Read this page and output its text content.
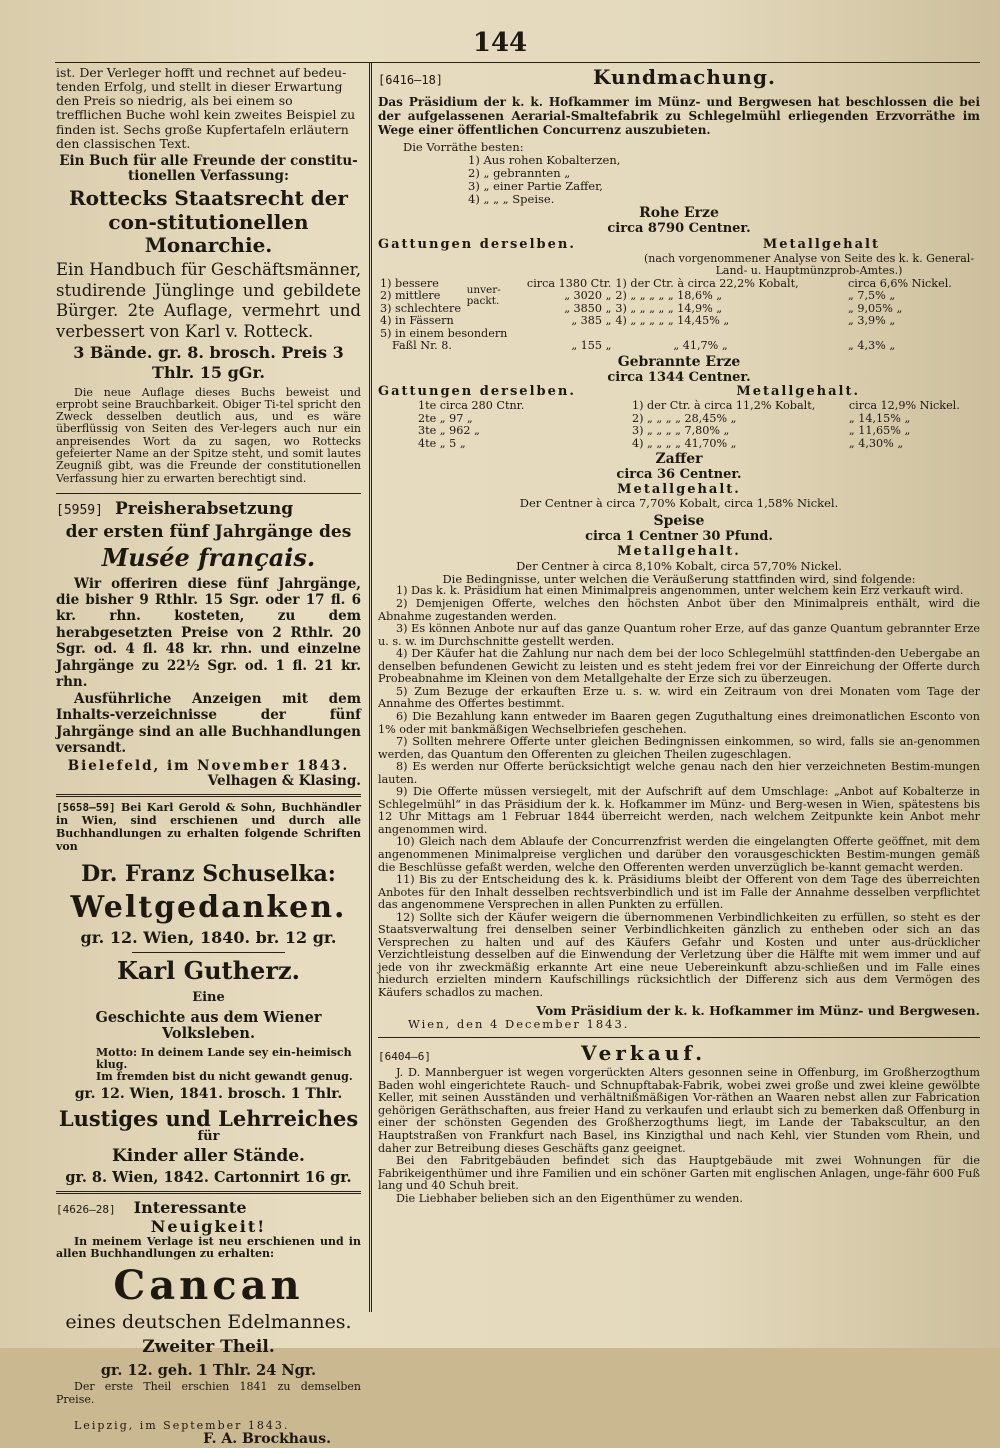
144

ist. Der Verleger hofft und rechnet auf bedeu-

tenden Erfolg, und stellt in dieser Erwartung

den Preis so niedrig, als bei einem so

trefflichen Buche wohl kein zweites Beispiel zu

finden ist. Sechs große Kupfertafeln erläutern

den classischen Text.

Ein Buch für alle Freunde der constitu-tionellen Verfassung:

Rottecks Staatsrecht der con-stitutionellen Monarchie.

Ein Handbuch für Geschäftsmänner, studirende Jünglinge und gebildete Bürger. 2te Auflage, vermehrt und verbessert von Karl v. Rotteck.

3 Bände. gr. 8. brosch. Preis 3 Thlr. 15 gGr.

Die neue Auflage dieses Buchs beweist und erprobt seine Brauchbarkeit. Obiger Ti-tel spricht den Zweck desselben deutlich aus, und es wäre überflüssig von Seiten des Ver-legers auch nur ein anpreisendes Wort da zu sagen, wo Rottecks gefeierter Name an der Spitze steht, und somit lautes Zeugniß gibt, was die Freunde der constitutionellen Verfassung hier zu erwarten berechtigt sind.

[5959] Preisherabsetzung

der ersten fünf Jahrgänge des

Musée français.

Wir offeriren diese fünf Jahrgänge, die bisher 9 Rthlr. 15 Sgr. oder 17 fl. 6 kr. rhn. kosteten, zu dem herabgesetzten Preise von 2 Rthlr. 20 Sgr. od. 4 fl. 48 kr. rhn. und einzelne Jahrgänge zu 22½ Sgr. od. 1 fl. 21 kr. rhn.

Ausführliche Anzeigen mit dem Inhalts-verzeichnisse der fünf Jahrgänge sind an alle Buchhandlungen versandt.

Bielefeld, im November 1843.

Velhagen & Klasing.

[5658—59] Bei Karl Gerold & Sohn, Buchhändler in Wien, sind erschienen und durch alle Buchhandlungen zu erhalten folgende Schriften von

Dr. Franz Schuselka:

Weltgedanken.

gr. 12. Wien, 1840. br. 12 gr.

Karl Gutherz.

Eine

Geschichte aus dem Wiener Volksleben.

Motto: In deinem Lande sey ein-heimisch klug.

Im fremden bist du nicht gewandt genug.

gr. 12. Wien, 1841. brosch. 1 Thlr.

Lustiges und Lehrreiches

für

Kinder aller Stände.

gr. 8. Wien, 1842. Cartonnirt 16 gr.

[4626—28] Interessante

Neuigkeit!

In meinem Verlage ist neu erschienen und in allen Buchhandlungen zu erhalten:

Cancan

eines deutschen Edelmannes.

Zweiter Theil.

gr. 12. geh. 1 Thlr. 24 Ngr.

Der erste Theil erschien 1841 zu demselben Preise.

Leipzig, im September 1843.

F. A. Brockhaus.

[6416—18]	Kundmachung.

Das Präsidium der k. k. Hofkammer im Münz- und Bergwesen hat beschlossen die bei der aufgelassenen Aerarial-Smaltefabrik zu Schlegelmühl erliegenden Erzvorräthe im Wege einer öffentlichen Concurrenz auszubieten.

Die Vorräthe besten:

1) Aus rohen Kobalterzen,

2) „ gebrannten „

3) „ einer Partie Zaffer,

4) „ „ „ Speise.

Rohe Erze

circa 8790 Centner.

Gattungen derselben.	Metallgehalt

(nach vorgenommener Analyse von Seite des k. k. General-Land- u. Hauptmünzprob-Amtes.)

1) bessere	unver-packt.	circa 1380 Ctr.	1) der Ctr. à circa 22,2% Kobalt,	circa 6,6% Nickel.
2) mittlere		„ 3020 „	2) „ „ „ „ „ 18,6% „	„ 7,5% „
3) schlechtere		„ 3850 „	3) „ „ „ „ „ 14,9% „	„ 9,05% „
4) in Fässern		„ 385 „	4) „ „ „ „ „ 14,45% „	„ 3,9% „
5) in einem besondern				
Faßl Nr. 8.		„ 155 „	„ 41,7% „	„ 4,3% „

Gebrannte Erze

circa 1344 Centner.

Gattungen derselben.	Metallgehalt.
1te circa 280 Ctnr.	1) der Ctr. à circa 11,2% Kobalt,	circa 12,9% Nickel.
2te „ 97 „	2) „ „ „ „ 28,45% „	„ 14,15% „
3te „ 962 „	3) „ „ „ „ 7,80% „	„ 11,65% „
4te „ 5 „	4) „ „ „ „ 41,70% „	„ 4,30% „

Zaffer

circa 36 Centner.

Metallgehalt.

Der Centner à circa 7,70% Kobalt, circa 1,58% Nickel.

Speise

circa 1 Centner 30 Pfund.

Metallgehalt.

Der Centner à circa 8,10% Kobalt, circa 57,70% Nickel.

Die Bedingnisse, unter welchen die Veräußerung stattfinden wird, sind folgende:

1) Das k. k. Präsidium hat einen Minimalpreis angenommen, unter welchem kein Erz verkauft wird.

2) Demjenigen Offerte, welches den höchsten Anbot über den Minimalpreis enthält, wird die Abnahme zugestanden werden.

3) Es können Anbote nur auf das ganze Quantum roher Erze, auf das ganze Quantum gebrannter Erze u. s. w. im Durchschnitte gestellt werden.

4) Der Käufer hat die Zahlung nur nach dem bei der loco Schlegelmühl stattfinden-den Uebergabe an denselben befundenen Gewicht zu leisten und es steht jedem frei vor der Einreichung der Offerte durch Probeabnahme im Kleinen von dem Metallgehalte der Erze sich zu überzeugen.

5) Zum Bezuge der erkauften Erze u. s. w. wird ein Zeitraum von drei Monaten vom Tage der Annahme des Offertes bestimmt.

6) Die Bezahlung kann entweder im Baaren gegen Zuguthaltung eines dreimonatlichen Esconto von 1% oder mit bankmäßigen Wechselbriefen geschehen.

7) Sollten mehrere Offerte unter gleichen Bedingnissen einkommen, so wird, falls sie an-genommen werden, das Quantum den Offerenten zu gleichen Theilen zugeschlagen.

8) Es werden nur Offerte berücksichtigt welche genau nach den hier verzeichneten Bestim-mungen lauten.

9) Die Offerte müssen versiegelt, mit der Aufschrift auf dem Umschlage: „Anbot auf Kobalterze in Schlegelmühl“ in das Präsidium der k. k. Hofkammer im Münz- und Berg-wesen in Wien, spätestens bis 12 Uhr Mittags am 1 Februar 1844 überreicht werden, nach welchem Zeitpunkte kein Anbot mehr angenommen wird.

10) Gleich nach dem Ablaufe der Concurrenzfrist werden die eingelangten Offerte geöffnet, mit dem angenommenen Minimalpreise verglichen und darüber den vorausgeschickten Bestim-mungen gemäß die Beschlüsse gefaßt werden, welche den Offerenten werden unverzüglich be-kannt gemacht werden.

11) Bis zu der Entscheidung des k. k. Präsidiums bleibt der Offerent von dem Tage des überreichten Anbotes für den Inhalt desselben rechtsverbindlich und ist im Falle der Annahme desselben verpflichtet das angenommene Versprechen in allen Punkten zu erfüllen.

12) Sollte sich der Käufer weigern die übernommenen Verbindlichkeiten zu erfüllen, so steht es der Staatsverwaltung frei denselben seiner Verbindlichkeiten gänzlich zu entheben oder sich an das Versprechen zu halten und auf des Käufers Gefahr und Kosten und unter aus-drücklicher Verzichtleistung desselben auf die Einwendung der Verletzung über die Hälfte mit wem immer und auf jede von ihr zweckmäßig erkannte Art eine neue Uebereinkunft abzu-schließen und im Falle eines hiedurch erzielten mindern Kaufschillings rücksichtlich der Differenz sich aus dem Vermögen des Käufers schadlos zu machen.

Vom Präsidium der k. k. Hofkammer im Münz- und Bergwesen.

Wien, den 4 December 1843.

[6404—6]	Verkauf.

J. D. Mannberguer ist wegen vorgerückten Alters gesonnen seine in Offenburg, im Großherzogthum Baden wohl eingerichtete Rauch- und Schnupftabak-Fabrik, wobei zwei große und zwei kleine gewölbte Keller, mit seinen Ausständen und verhältnißmäßigen Vor-räthen an Waaren nebst allen zur Fabrication gehörigen Geräthschaften, aus freier Hand zu verkaufen und erlaubt sich zu bemerken daß Offenburg in einer der schönsten Gegenden des Großherzogthums liegt, im Lande der Tabakscultur, an den Hauptstraßen von Frankfurt nach Basel, ins Kinzigthal und nach Kehl, vier Stunden vom Rhein, und daher zur Betreibung dieses Geschäfts ganz geeignet.

Bei den Fabritgebäuden befindet sich das Hauptgebäude mit zwei Wohnungen für die Fabrikeigenthümer und ihre Familien und ein schöner Garten mit englischen Anlagen, unge-fähr 600 Fuß lang und 40 Schuh breit.

Die Liebhaber belieben sich an den Eigenthümer zu wenden.
